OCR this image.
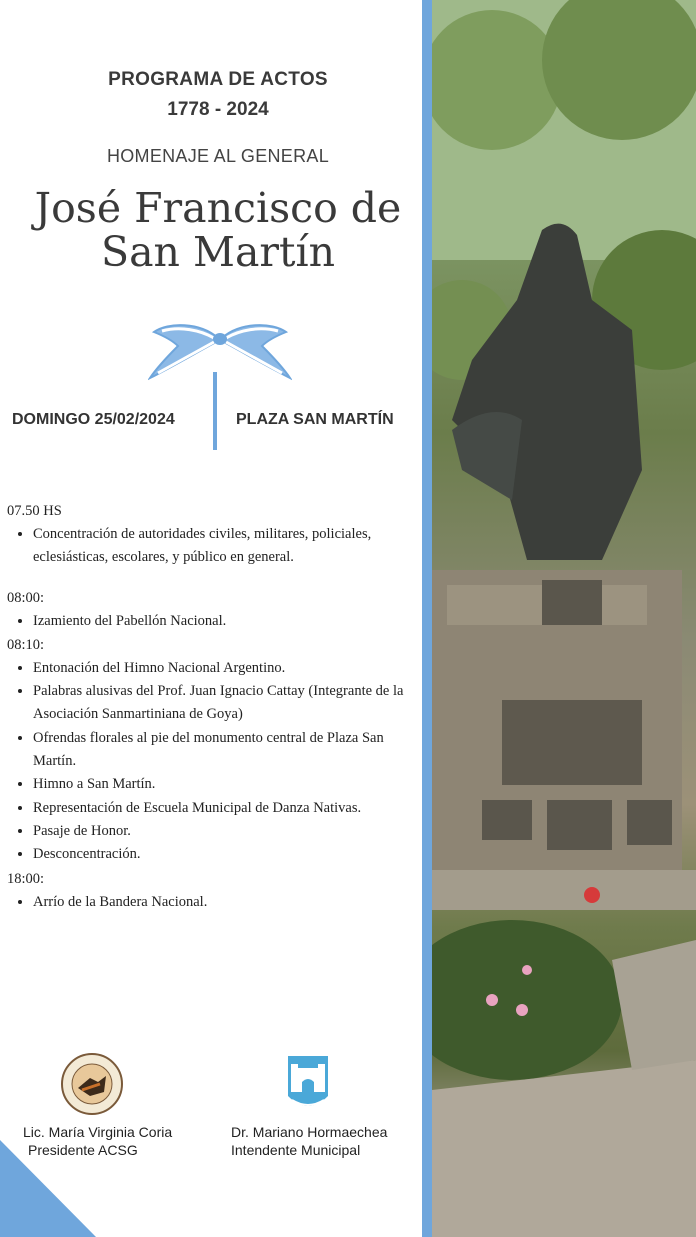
PROGRAMA DE ACTOS
1778 - 2024
HOMENAJE AL GENERAL
José Francisco de
San Martín
DOMINGO 25/02/2024	PLAZA SAN MARTÍN

07.50 HS

• Concentración de autoridades civiles, militares, policiales, eclesiásticas, escolares, y público en general.

08:00:

• Izamiento del Pabellón Nacional.

08:10:

• Entonación del Himno Nacional Argentino.
• Palabras alusivas del Prof. Juan Ignacio Cattay (Integrante de la Asociación Sanmartiniana de Goya)
• Ofrendas florales al pie del monumento central de Plaza San Martín.
• Himno a San Martín.
• Representación de Escuela Municipal de Danza Nativas.
• Pasaje de Honor.
• Desconcentración.

18:00:

• Arrío de la Bandera Nacional.
Lic. María Virginia Coria
Presidente ACSG
Dr. Mariano Hormaechea
Intendente Municipal
